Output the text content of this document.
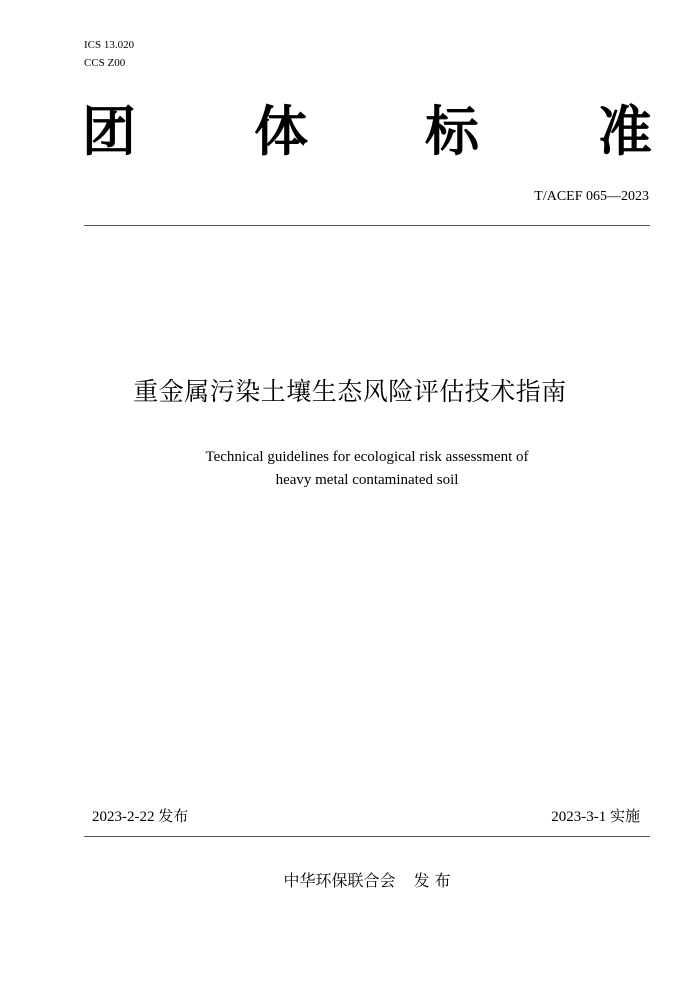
ICS 13.020
CCS Z00
团 体 标 准
T/ACEF 065—2023
重金属污染土壤生态风险评估技术指南
Technical guidelines for ecological risk assessment of
heavy metal contaminated soil
2023-2-22 发布	2023-3-1 实施
中华环保联合会 发 布
